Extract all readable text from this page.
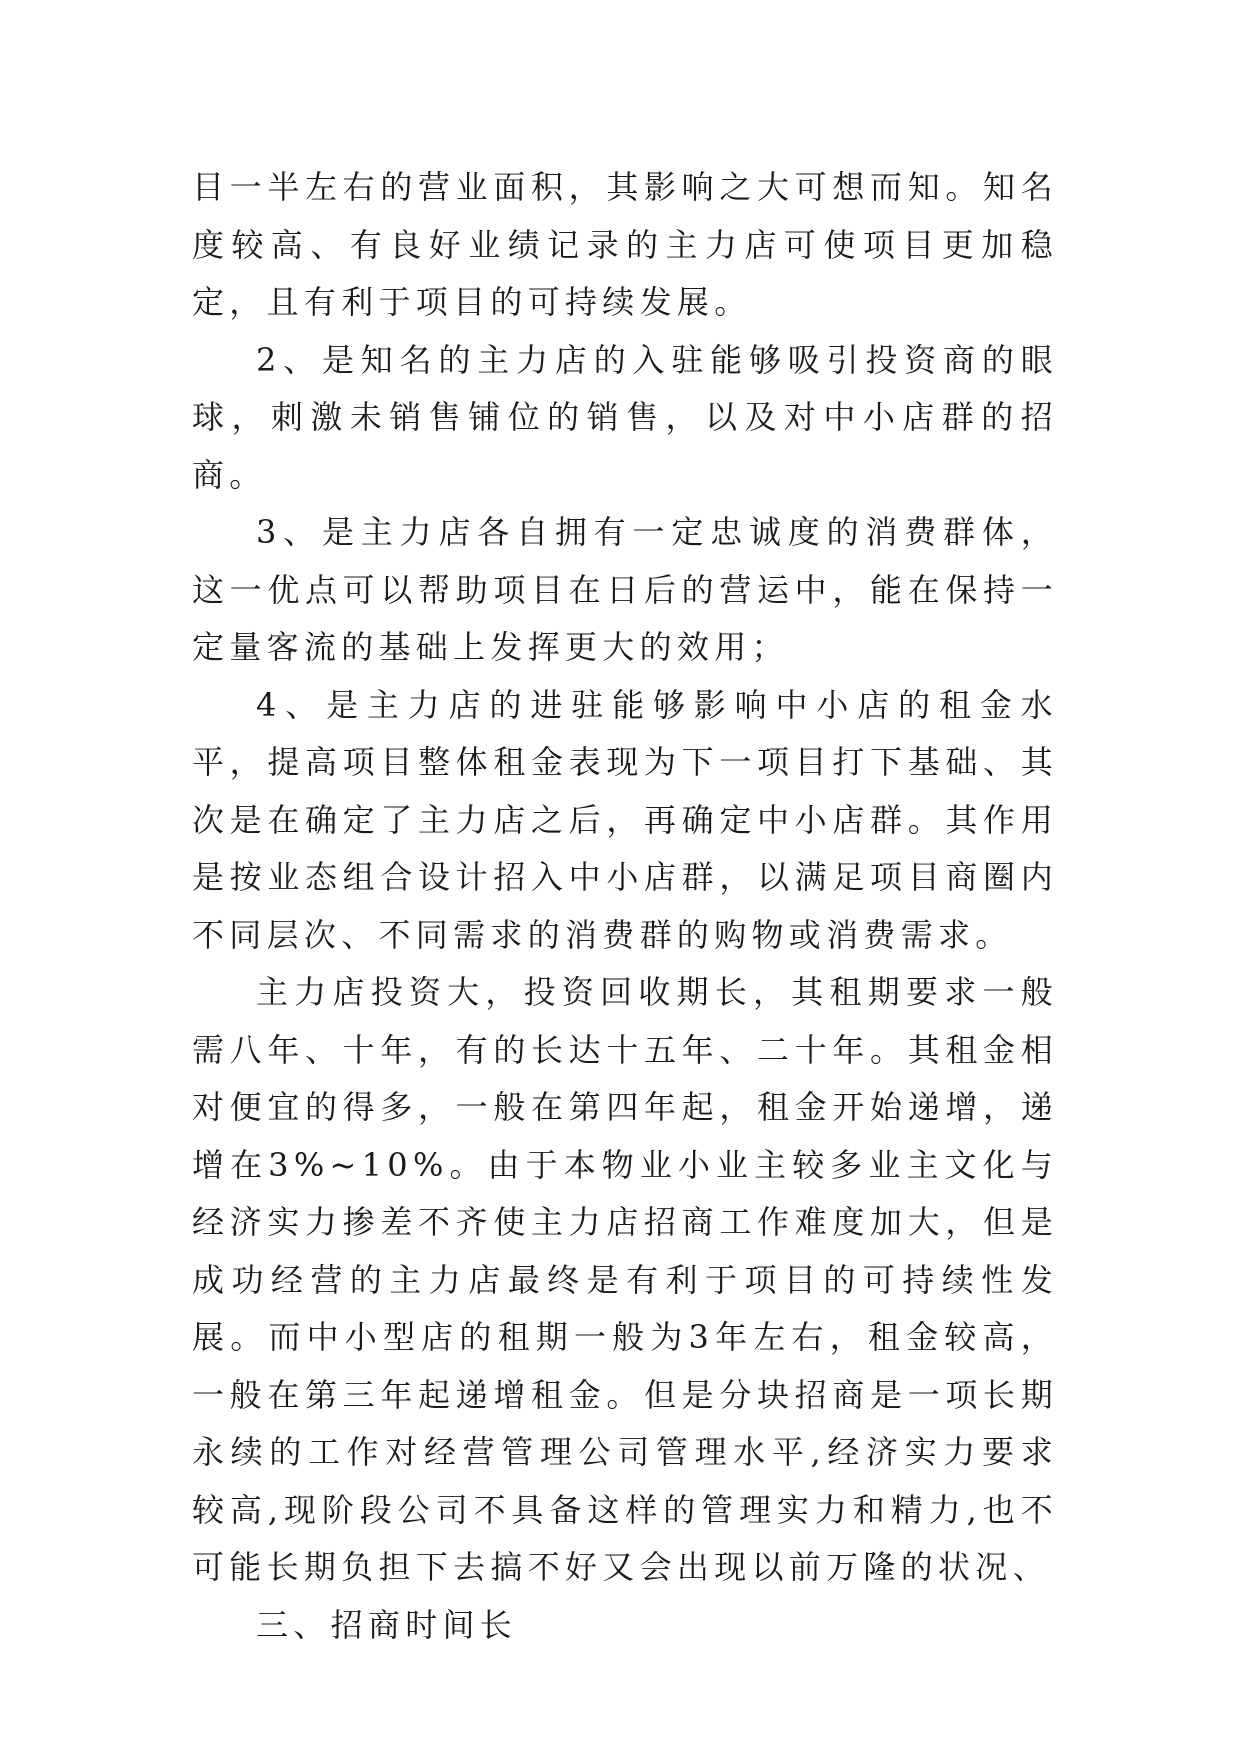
目一半左右的营业面积，其影响之大可想而知。知名度较高、有良好业绩记录的主力店可使项目更加稳定，且有利于项目的可持续发展。

2、是知名的主力店的入驻能够吸引投资商的眼球，刺激未销售铺位的销售，以及对中小店群的招商。

3、是主力店各自拥有一定忠诚度的消费群体，这一优点可以帮助项目在日后的营运中，能在保持一定量客流的基础上发挥更大的效用；

4、是主力店的进驻能够影响中小店的租金水平，提高项目整体租金表现为下一项目打下基础、其次是在确定了主力店之后，再确定中小店群。其作用是按业态组合设计招入中小店群，以满足项目商圈内不同层次、不同需求的消费群的购物或消费需求。

主力店投资大，投资回收期长，其租期要求一般需八年、十年，有的长达十五年、二十年。其租金相对便宜的得多，一般在第四年起，租金开始递增，递增在3%~10%。由于本物业小业主较多业主文化与经济实力掺差不齐使主力店招商工作难度加大，但是成功经营的主力店最终是有利于项目的可持续性发展。而中小型店的租期一般为3年左右，租金较高，一般在第三年起递增租金。但是分块招商是一项长期永续的工作对经营管理公司管理水平,经济实力要求较高,现阶段公司不具备这样的管理实力和精力,也不可能长期负担下去搞不好又会出现以前万隆的状况、

三、招商时间长
